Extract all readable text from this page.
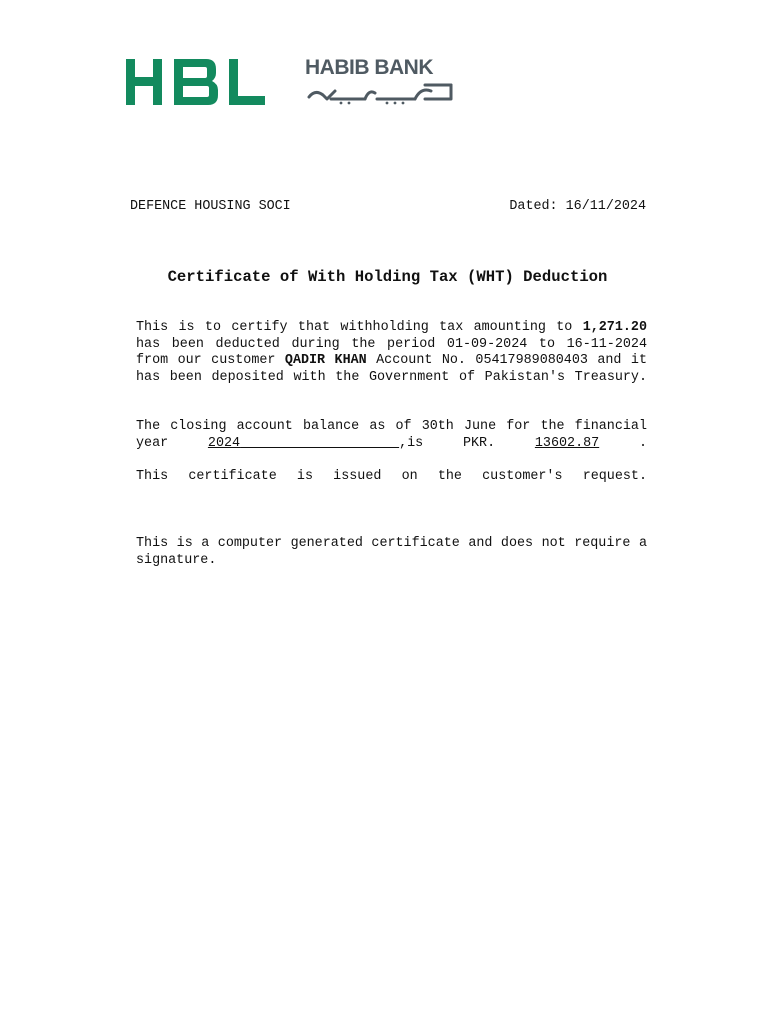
HABIB BANK
DEFENCE HOUSING SOCI	Dated: 16/11/2024
Certificate of With Holding Tax (WHT) Deduction
This is to certify that withholding tax amounting to 1,271.20 has been deducted during the period 01-09-2024 to 16-11-2024 from our customer QADIR KHAN Account No. 05417989080403 and it has been deposited with the Government of Pakistan's Treasury.
The closing account balance as of 30th June for the financial year	2024	,is PKR.	13602.87	.
This certificate is issued on the customer's request.
This is a computer generated certificate and does not require a signature.
